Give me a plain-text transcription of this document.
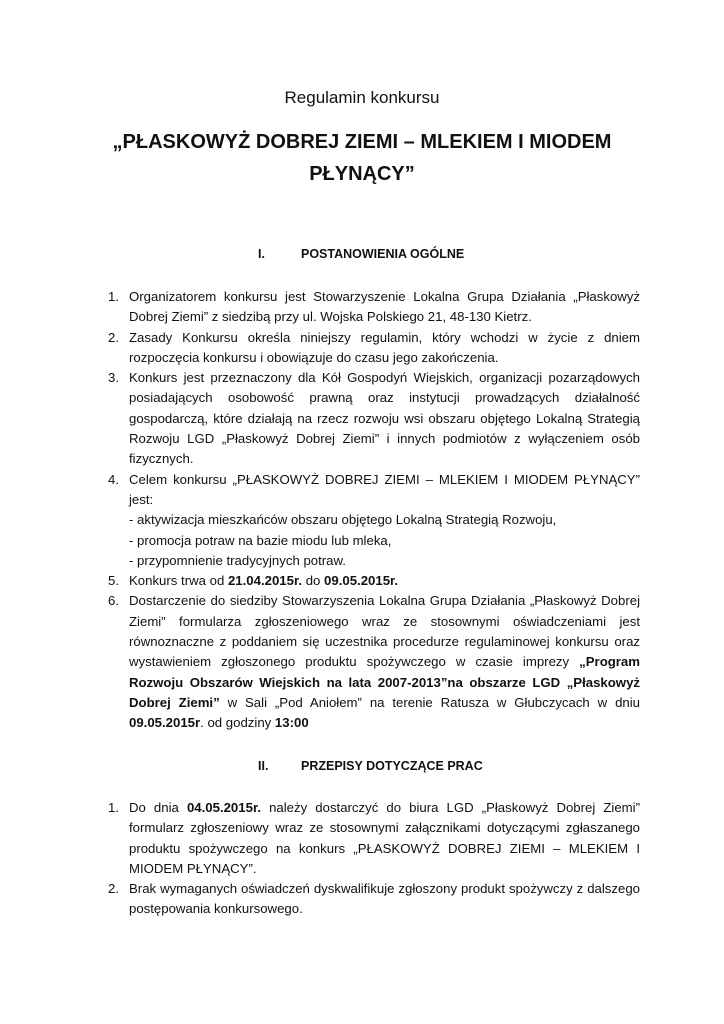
Regulamin konkursu
„PŁASKOWYŻ DOBREJ ZIEMI – MLEKIEM I MIODEM PŁYNĄCY”
I.	POSTANOWIENIA OGÓLNE
1. Organizatorem konkursu jest Stowarzyszenie Lokalna Grupa Działania „Płaskowyż Dobrej Ziemi” z siedzibą przy ul. Wojska Polskiego 21, 48-130 Kietrz.
2. Zasady Konkursu określa niniejszy regulamin, który wchodzi w życie z dniem rozpoczęcia konkursu i obowiązuje do czasu jego zakończenia.
3. Konkurs jest przeznaczony dla Kół Gospodyń Wiejskich, organizacji pozarządowych posiadających osobowość prawną oraz instytucji prowadzących działalność gospodarczą, które działają na rzecz rozwoju wsi obszaru objętego Lokalną Strategią Rozwoju LGD „Płaskowyż Dobrej Ziemi” i innych podmiotów z wyłączeniem osób fizycznych.
4. Celem konkursu „PŁASKOWYŻ DOBREJ ZIEMI – MLEKIEM I MIODEM PŁYNĄCY” jest:
- aktywizacja mieszkańców obszaru objętego Lokalną Strategią Rozwoju,
- promocja potraw na bazie miodu lub mleka,
- przypomnienie tradycyjnych potraw.
5. Konkurs trwa od 21.04.2015r. do 09.05.2015r.
6. Dostarczenie do siedziby Stowarzyszenia Lokalna Grupa Działania „Płaskowyż Dobrej Ziemi” formularza zgłoszeniowego wraz ze stosownymi oświadczeniami jest równoznaczne z poddaniem się uczestnika procedurze regulaminowej konkursu oraz wystawieniem zgłoszonego produktu spożywczego w czasie imprezy „Program Rozwoju Obszarów Wiejskich na lata 2007-2013”na obszarze LGD „Płaskowyż Dobrej Ziemi” w Sali „Pod Aniołem” na terenie Ratusza w Głubczycach w dniu 09.05.2015r. od godziny 13:00
II.	PRZEPISY DOTYCZĄCE PRAC
1. Do dnia 04.05.2015r. należy dostarczyć do biura LGD „Płaskowyż Dobrej Ziemi” formularz zgłoszeniowy wraz ze stosownymi załącznikami dotyczącymi zgłaszanego produktu spożywczego na konkurs „PŁASKOWYŻ DOBREJ ZIEMI – MLEKIEM I MIODEM PŁYNĄCY”.
2. Brak wymaganych oświadczeń dyskwalifikuje zgłoszony produkt spożywczy z dalszego postępowania konkursowego.
